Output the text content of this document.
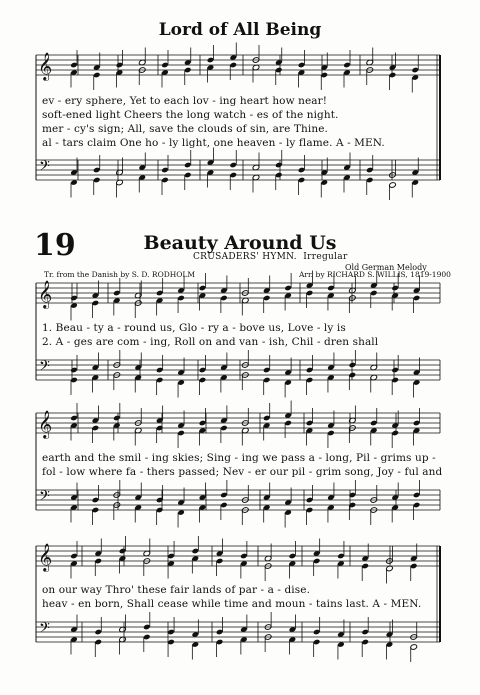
𝄞
𝄢
𝄞
𝄢
𝄞
𝄢
𝄞
𝄢
Lord of All Being
ev - ery sphere, Yet to each lov - ing heart how near!
soft-ened light Cheers the long watch - es of the night.
mer - cy's sign; All, save the clouds of sin, are Thine.
al - tars claim One ho - ly light, one heaven - ly flame. A - MEN.
19	Beauty Around Us
CRUSADERS' HYMN. Irregular
Old German Melody
Tr. from the Danish by S. D. RODHOLM	Arr. by RICHARD S. WILLIS, 1819-1900
1. Beau - ty a - round us, Glo - ry a - bove us, Love - ly is
2. A - ges are com - ing, Roll on and van - ish, Chil - dren shall
earth and the smil - ing skies; Sing - ing we pass a - long, Pil - grims up -
fol - low where fa - thers passed; Nev - er our pil - grim song, Joy - ful and
on our way Thro' these fair lands of par - a - dise.
heav - en born, Shall cease while time and moun - tains last. A - MEN.
